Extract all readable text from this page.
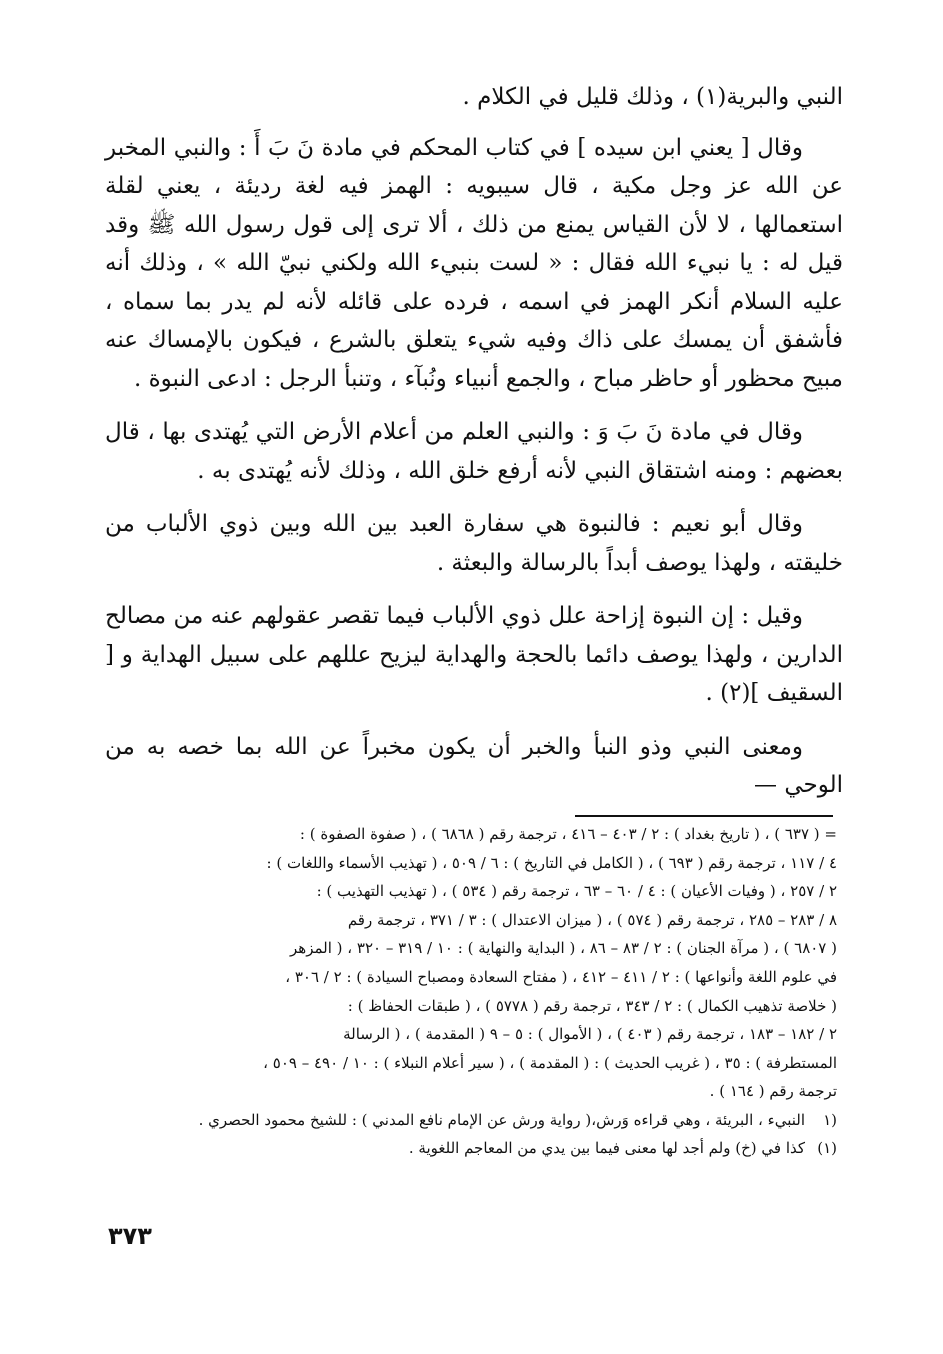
النبي والبرية(١) ، وذلك قليل في الكلام .

وقال [ يعني ابن سيده ] في كتاب المحكم في مادة نَ بَ أَ : والنبي المخبر عن الله عز وجل مكية ، قال سيبويه : الهمز فيه لغة رديئة ، يعني لقلة استعمالها ، لا لأن القياس يمنع من ذلك ، ألا ترى إلى قول رسول الله ﷺ وقد قيل له : يا نبيء الله فقال : « لست بنبيء الله ولكني نبيّ الله » ، وذلك أنه عليه السلام أنكر الهمز في اسمه ، فرده على قائله لأنه لم يدر بما سماه ، فأشفق أن يمسك على ذاك وفيه شيء يتعلق بالشرع ، فيكون بالإمساك عنه مبيح محظور أو حاظر مباح ، والجمع أنبياء ونُبآء ، وتنبأ الرجل : ادعى النبوة .

وقال في مادة نَ بَ وَ : والنبي العلم من أعلام الأرض التي يُهتدى بها ، قال بعضهم : ومنه اشتقاق النبي لأنه أرفع خلق الله ، وذلك لأنه يُهتدى به .

وقال أبو نعيم : فالنبوة هي سفارة العبد بين الله وبين ذوي الألباب من خليقته ، ولهذا يوصف أبداً بالرسالة والبعثة .

وقيل : إن النبوة إزاحة علل ذوي الألباب فيما تقصر عقولهم عنه من مصالح الدارين ، ولهذا يوصف دائما بالحجة والهداية ليزيح عللهم على سبيل الهداية و [ السقيف ](٢) .

ومعنى النبي وذو النبأ والخبر أن يكون مخبراً عن الله بما خصه به من الوحي —

= ( ٦٣٧ ) ، ( تاريخ بغداد ) : ٢ / ٤٠٣ – ٤١٦ ، ترجمة رقم ( ٦٨٦٨ ) ، ( صفوة الصفوة ) :

٤ / ١١٧ ، ترجمة رقم ( ٦٩٣ ) ، ( الكامل في التاريخ ) : ٦ / ٥٠٩ ، ( تهذيب الأسماء واللغات ) :

٢ / ٢٥٧ ، ( وفيات الأعيان ) : ٤ / ٦٠ – ٦٣ ، ترجمة رقم ( ٥٣٤ ) ، ( تهذيب التهذيب ) :

٨ / ٢٨٣ – ٢٨٥ ، ترجمة رقم ( ٥٧٤ ) ، ( ميزان الاعتدال ) : ٣ / ٣٧١ ، ترجمة رقم

( ٦٨٠٧ ) ، ( مرآة الجنان ) : ٢ / ٨٣ – ٨٦ ، ( البداية والنهاية ) : ١٠ / ٣١٩ – ٣٢٠ ، ( المزهر

في علوم اللغة وأنواعها ) : ٢ / ٤١١ – ٤١٢ ، ( مفتاح السعادة ومصباح السيادة ) : ٢ / ٣٠٦ ،

( خلاصة تذهيب الكمال ) : ٢ / ٣٤٣ ، ترجمة رقم ( ٥٧٧٨ ) ، ( طبقات الحفاظ ) :

٢ / ١٨٢ – ١٨٣ ، ترجمة رقم ( ٤٠٣ ) ، ( الأموال ) : ٥ – ٩ ( المقدمة ) ، ( الرسالة

المستطرفة ) : ٣٥ ، ( غريب الحديث ) : ( المقدمة ) ، ( سير أعلام النبلاء ) : ١٠ / ٤٩٠ – ٥٠٩ ،

ترجمة رقم ( ١٦٤ ) .

(١
النبيء ، البريئة ، وهي قراءه وَرش،( رواية ورش عن الإمام نافع المدني ) : للشيخ محمود الحصري .
(١)
كذا في (خ) ولم أجد لها معنى فيما بين يدي من المعاجم اللغوية .
٣٧٣
